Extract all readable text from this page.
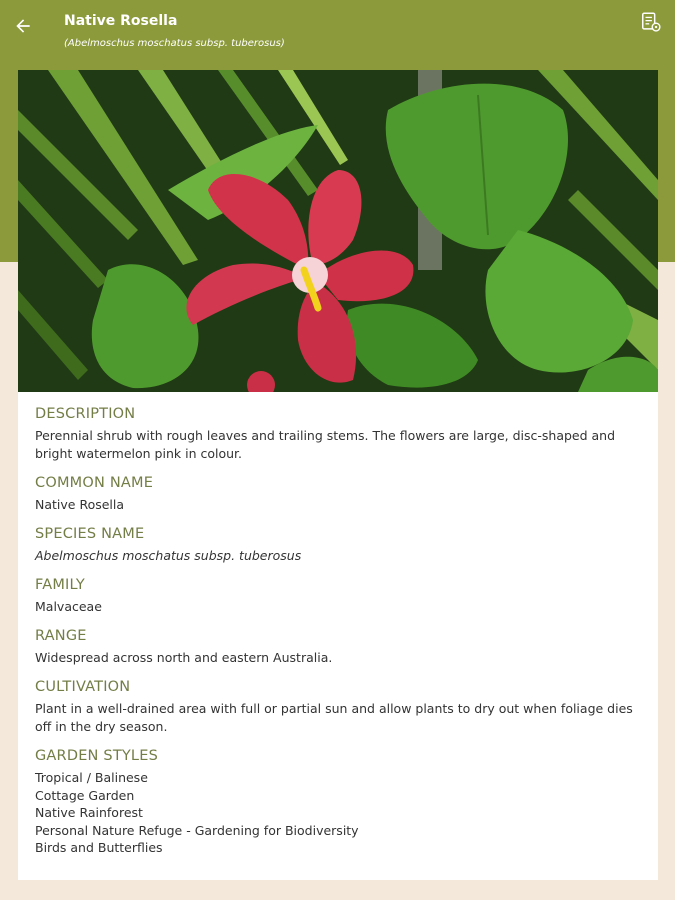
Native Rosella
(Abelmoschus moschatus subsp. tuberosus)
DESCRIPTION

Perennial shrub with rough leaves and trailing stems. The flowers are large, disc-shaped and bright watermelon pink in colour.

COMMON NAME

Native Rosella

SPECIES NAME

Abelmoschus moschatus subsp. tuberosus

FAMILY

Malvaceae

RANGE

Widespread across north and eastern Australia.

CULTIVATION

Plant in a well-drained area with full or partial sun and allow plants to dry out when foliage dies off in the dry season.

GARDEN STYLES
Tropical / Balinese
Cottage Garden
Native Rainforest
Personal Nature Refuge - Gardening for Biodiversity
Birds and Butterflies
